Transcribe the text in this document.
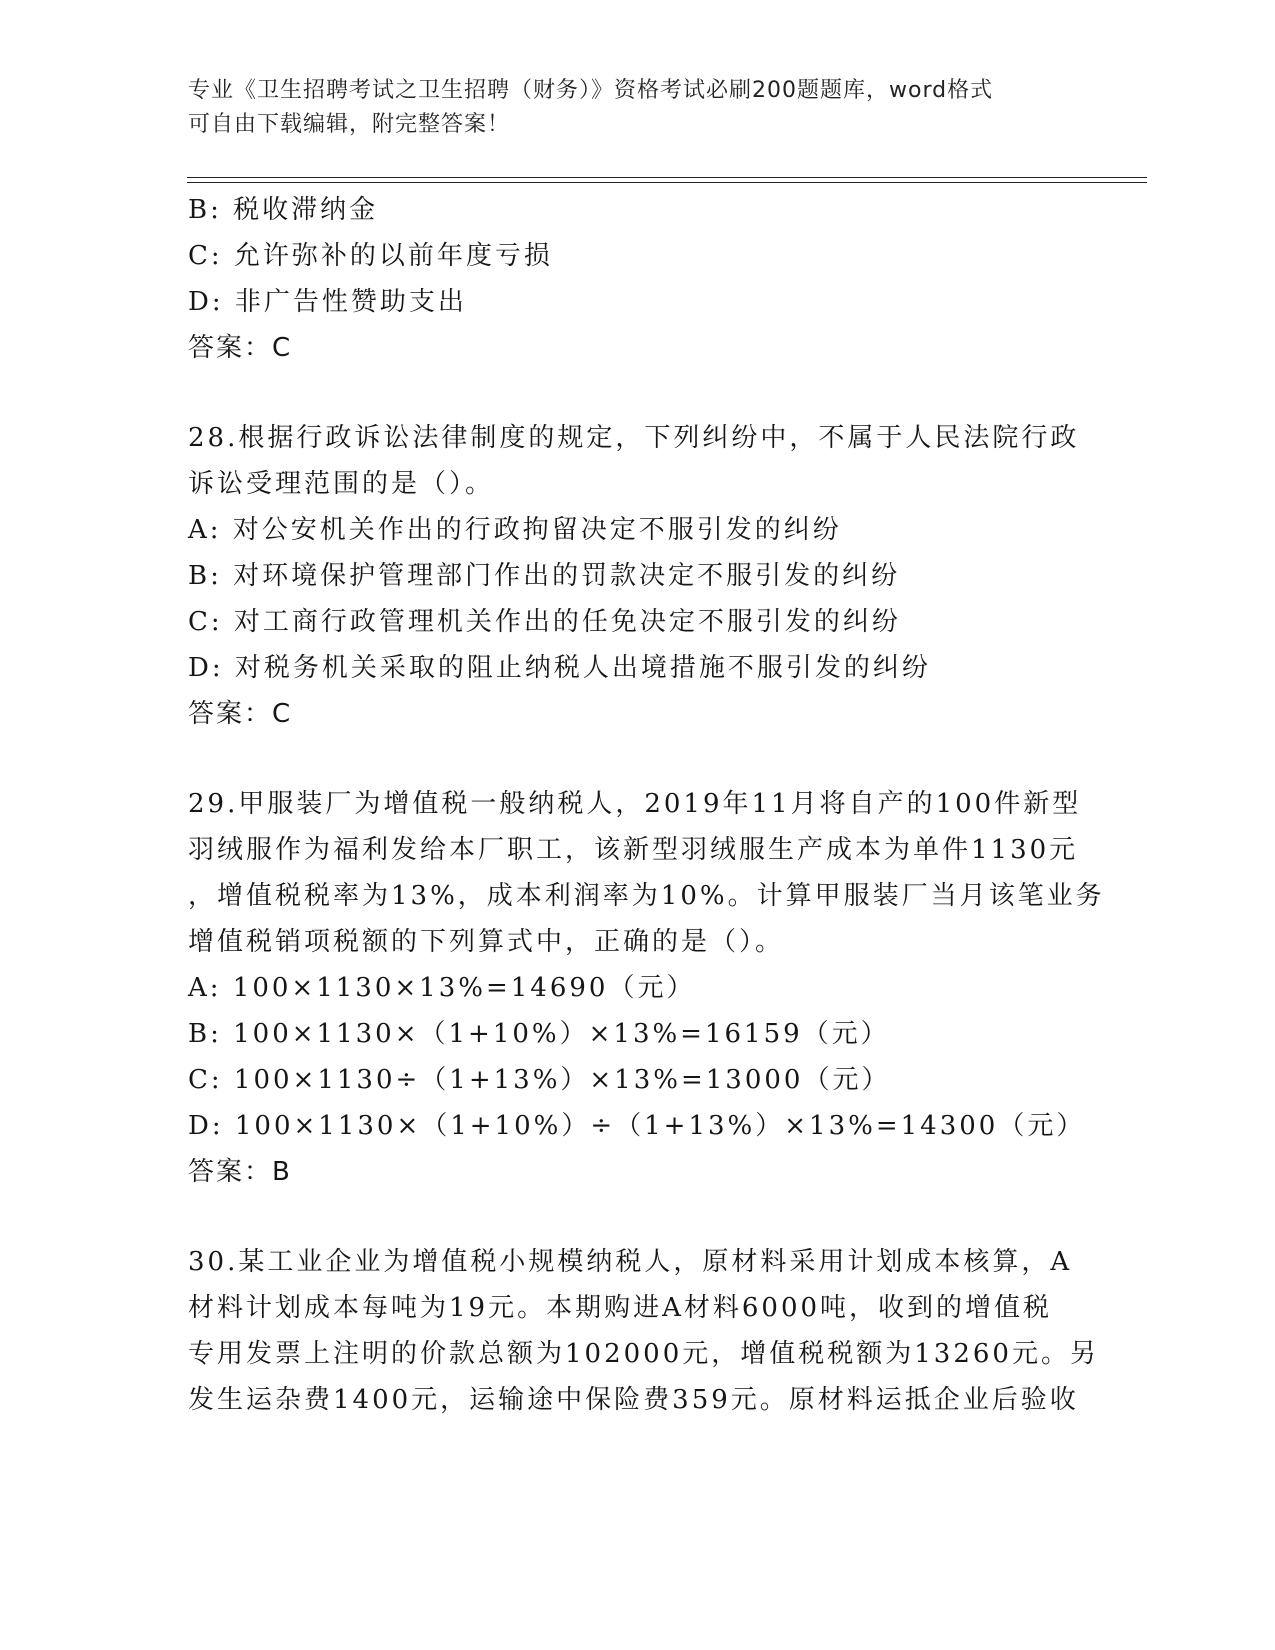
专业《卫生招聘考试之卫生招聘（财务）》资格考试必刷200题题库，word格式
可自由下载编辑，附完整答案！
B: 税收滞纳金
C: 允许弥补的以前年度亏损
D: 非广告性赞助支出
答案：C
28.根据行政诉讼法律制度的规定，下列纠纷中，不属于人民法院行政
诉讼受理范围的是（）。
A: 对公安机关作出的行政拘留决定不服引发的纠纷
B: 对环境保护管理部门作出的罚款决定不服引发的纠纷
C: 对工商行政管理机关作出的任免决定不服引发的纠纷
D: 对税务机关采取的阻止纳税人出境措施不服引发的纠纷
答案：C
29.甲服装厂为增值税一般纳税人，2019年11月将自产的100件新型
羽绒服作为福利发给本厂职工，该新型羽绒服生产成本为单件1130元
，增值税税率为13%，成本利润率为10%。计算甲服装厂当月该笔业务
增值税销项税额的下列算式中，正确的是（）。
A: 100×1130×13%=14690（元）
B: 100×1130×（1+10%）×13%=16159（元）
C: 100×1130÷（1+13%）×13%=13000（元）
D: 100×1130×（1+10%）÷（1+13%）×13%=14300（元）
答案：B
30.某工业企业为增值税小规模纳税人，原材料采用计划成本核算，A
材料计划成本每吨为19元。本期购进A材料6000吨，收到的增值税
专用发票上注明的价款总额为102000元，增值税税额为13260元。另
发生运杂费1400元，运输途中保险费359元。原材料运抵企业后验收
